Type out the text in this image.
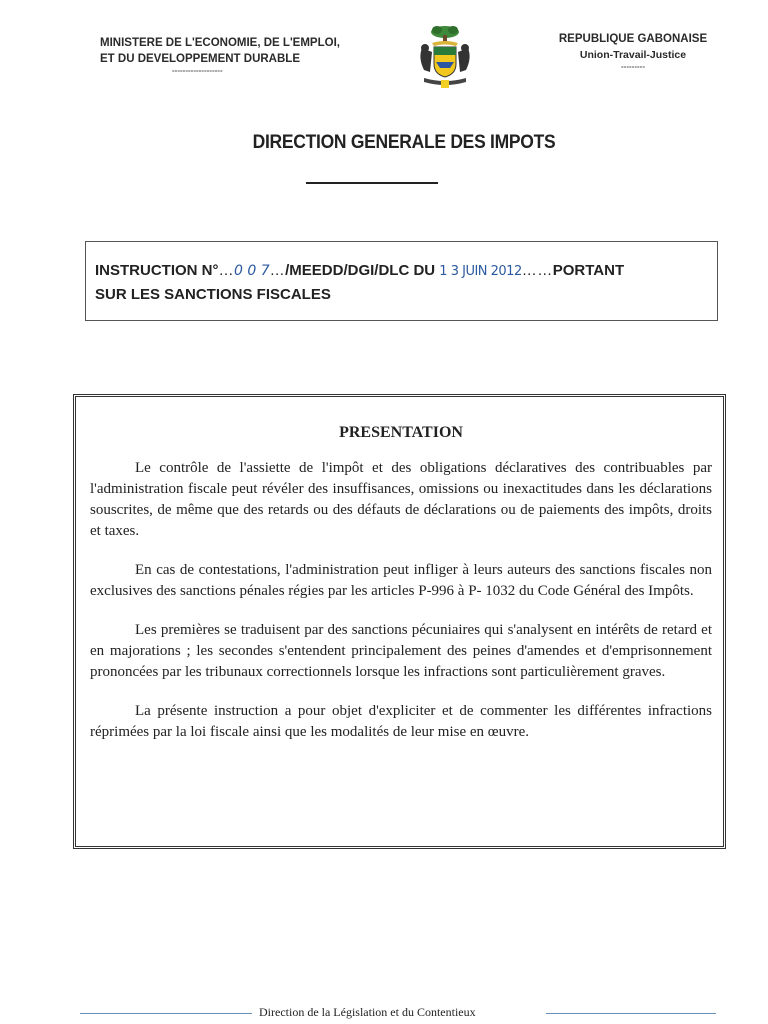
MINISTERE DE L'ECONOMIE, DE L'EMPLOI,
ET DU DEVELOPPEMENT DURABLE
-------------------
REPUBLIQUE GABONAISE
Union-Travail-Justice
---------
DIRECTION GENERALE DES IMPOTS
INSTRUCTION N°…0 0 7…/MEEDD/DGI/DLC DU 1 3 JUIN 2012……PORTANT
SUR LES SANCTIONS FISCALES
PRESENTATION

Le contrôle de l'assiette de l'impôt et des obligations déclaratives des contribuables par l'administration fiscale peut révéler des insuffisances, omissions ou inexactitudes dans les déclarations souscrites, de même que des retards ou des défauts de déclarations ou de paiements des impôts, droits et taxes.

En cas de contestations, l'administration peut infliger à leurs auteurs des sanctions fiscales non exclusives des sanctions pénales régies par les articles P-996 à P- 1032 du Code Général des Impôts.

Les premières se traduisent par des sanctions pécuniaires qui s'analysent en intérêts de retard et en majorations ; les secondes s'entendent principalement des peines d'amendes et d'emprisonnement prononcées par les tribunaux correctionnels lorsque les infractions sont particulièrement graves.

La présente instruction a pour objet d'expliciter et de commenter les différentes infractions réprimées par la loi fiscale ainsi que les modalités de leur mise en œuvre.

Direction de la Législation et du Contentieux
